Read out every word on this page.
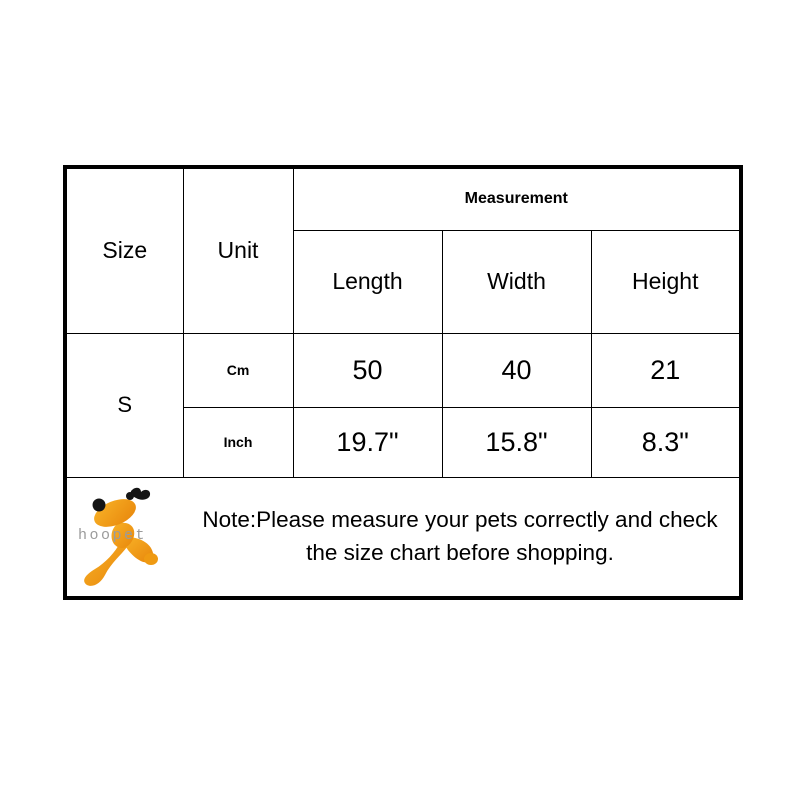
Size	Unit	Measurement		
		Length	Width	Height
S	Cm	50	40	21
	Inch	19.7"	15.8"	8.3"

hoopet
Note:Please measure your pets correctly and check the size chart before shopping.				
